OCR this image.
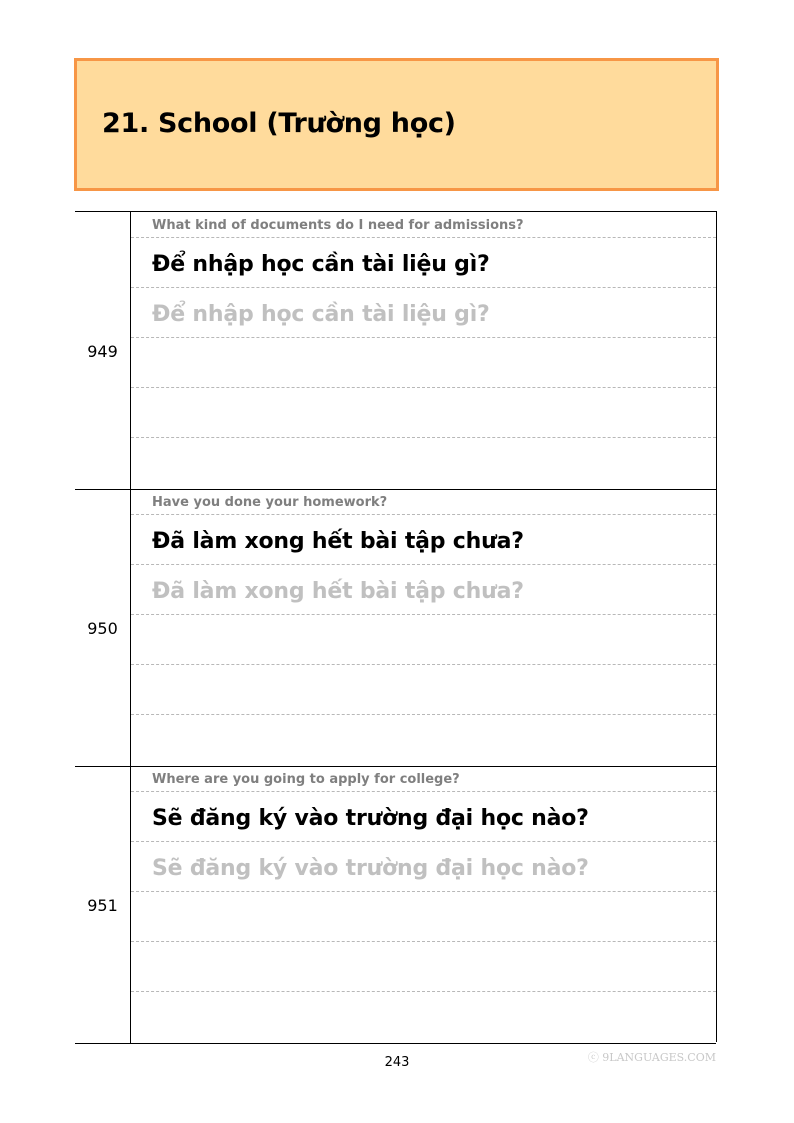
21. School (Trường học)
949
What kind of documents do I need for admissions?
Để nhập học cần tài liệu gì?
Để nhập học cần tài liệu gì?
950
Have you done your homework?
Đã làm xong hết bài tập chưa?
Đã làm xong hết bài tập chưa?
951
Where are you going to apply for college?
Sẽ đăng ký vào trường đại học nào?
Sẽ đăng ký vào trường đại học nào?
243	ⓒ 9LANGUAGES.COM
